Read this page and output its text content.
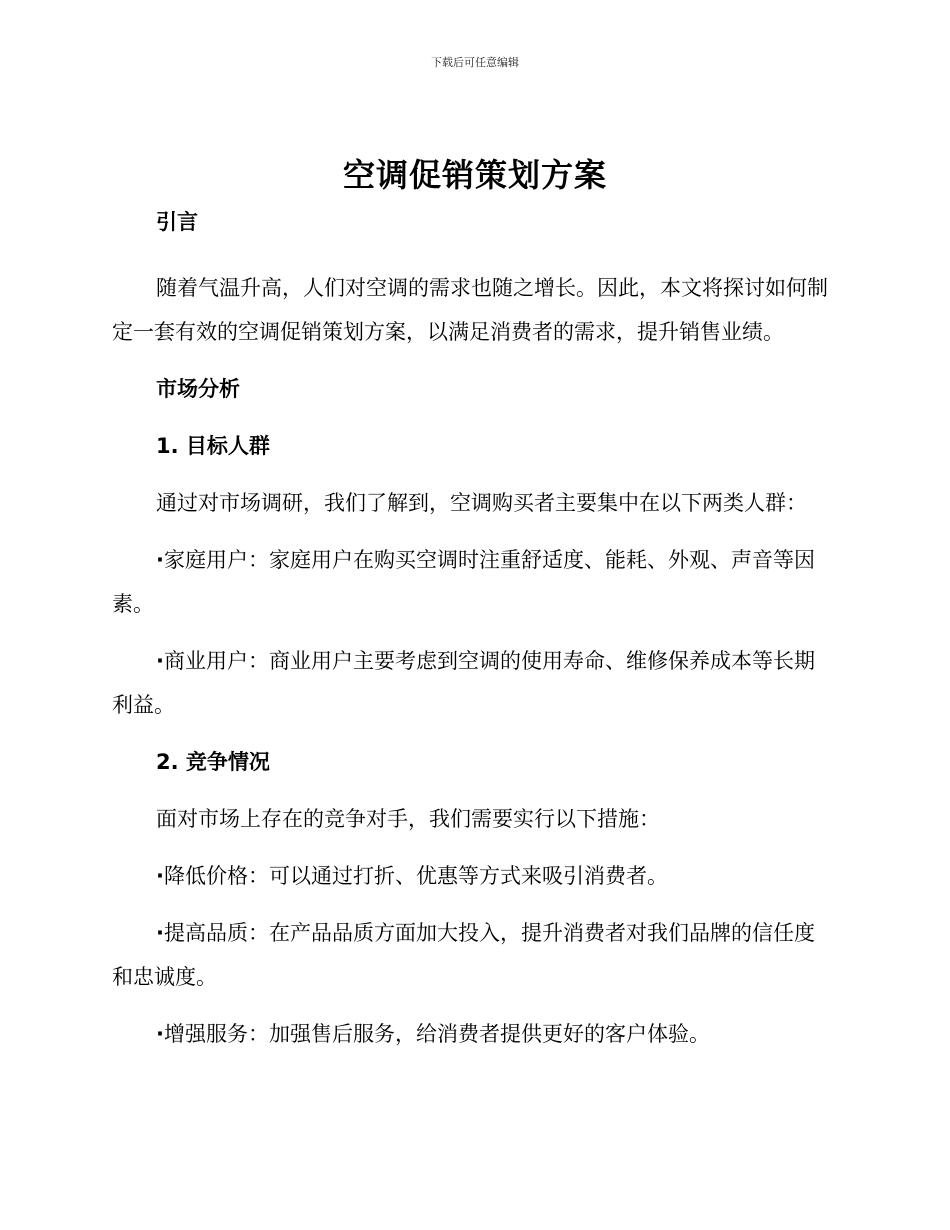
下载后可任意编辑
空调促销策划方案
引言
随着气温升高，人们对空调的需求也随之增长。因此，本文将探讨如何制定一套有效的空调促销策划方案，以满足消费者的需求，提升销售业绩。
市场分析
1. 目标人群
通过对市场调研，我们了解到，空调购买者主要集中在以下两类人群：
·家庭用户：家庭用户在购买空调时注重舒适度、能耗、外观、声音等因素。
·商业用户：商业用户主要考虑到空调的使用寿命、维修保养成本等长期利益。
2. 竞争情况
面对市场上存在的竞争对手，我们需要实行以下措施：
·降低价格：可以通过打折、优惠等方式来吸引消费者。
·提高品质：在产品品质方面加大投入，提升消费者对我们品牌的信任度和忠诚度。
·增强服务：加强售后服务，给消费者提供更好的客户体验。
